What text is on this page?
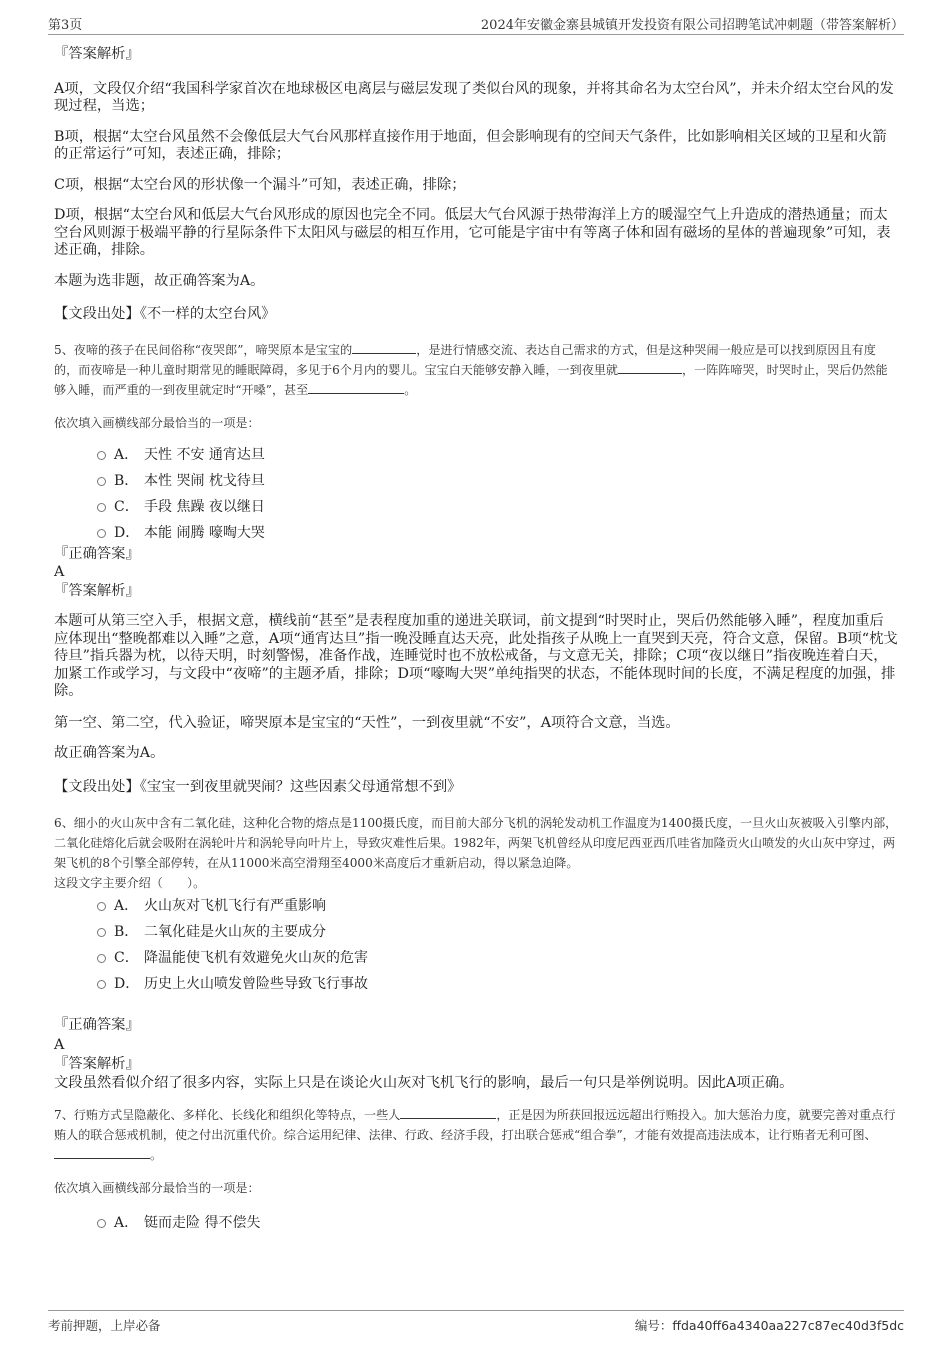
第3页	2024年安徽金寨县城镇开发投资有限公司招聘笔试冲刺题（带答案解析）

『答案解析』

A项，文段仅介绍“我国科学家首次在地球极区电离层与磁层发现了类似台风的现象，并将其命名为太空台风”，并未介绍太空台风的发现过程，当选；

B项，根据“太空台风虽然不会像低层大气台风那样直接作用于地面，但会影响现有的空间天气条件，比如影响相关区域的卫星和火箭的正常运行”可知，表述正确，排除；

C项，根据“太空台风的形状像一个漏斗”可知，表述正确，排除；

D项，根据“太空台风和低层大气台风形成的原因也完全不同。低层大气台风源于热带海洋上方的暖湿空气上升造成的潜热通量；而太空台风则源于极端平静的行星际条件下太阳风与磁层的相互作用，它可能是宇宙中有等离子体和固有磁场的星体的普遍现象”可知，表述正确，排除。

本题为选非题，故正确答案为A。

【文段出处】《不一样的太空台风》

5、夜啼的孩子在民间俗称“夜哭郎”，啼哭原本是宝宝的	，是进行情感交流、表达自己需求的方式，但是这种哭闹一般应是可以找到原因且有度的，而夜啼是一种儿童时期常见的睡眠障碍，多见于6个月内的婴儿。宝宝白天能够安静入睡，一到夜里就	，一阵阵啼哭，时哭时止，哭后仍然能够入睡，而严重的一到夜里就定时“开嗓”，甚至	。

依次填入画横线部分最恰当的一项是：

A． 天性 不安 通宵达旦
B． 本性 哭闹 枕戈待旦
C． 手段 焦躁 夜以继日
D． 本能 闹腾 嚎啕大哭

『正确答案』

A

『答案解析』

本题可从第三空入手，根据文意，横线前“甚至”是表程度加重的递进关联词，前文提到“时哭时止，哭后仍然能够入睡”，程度加重后应体现出“整晚都难以入睡”之意，A项“通宵达旦”指一晚没睡直达天亮，此处指孩子从晚上一直哭到天亮，符合文意，保留。B项“枕戈待旦”指兵器为枕，以待天明，时刻警惕，准备作战，连睡觉时也不放松戒备，与文意无关，排除；C项“夜以继日”指夜晚连着白天，加紧工作或学习，与文段中“夜啼”的主题矛盾，排除；D项“嚎啕大哭”单纯指哭的状态，不能体现时间的长度，不满足程度的加强，排除。

第一空、第二空，代入验证，啼哭原本是宝宝的“天性”，一到夜里就“不安”，A项符合文意，当选。

故正确答案为A。

【文段出处】《宝宝一到夜里就哭闹？这些因素父母通常想不到》

6、细小的火山灰中含有二氧化硅，这种化合物的熔点是1100摄氏度，而目前大部分飞机的涡轮发动机工作温度为1400摄氏度，一旦火山灰被吸入引擎内部，二氧化硅熔化后就会吸附在涡轮叶片和涡轮导向叶片上，导致灾难性后果。1982年，两架飞机曾经从印度尼西亚西爪哇省加隆贡火山喷发的火山灰中穿过，两架飞机的8个引擎全部停转，在从11000米高空滑翔至4000米高度后才重新启动，得以紧急迫降。

这段文字主要介绍（　　）。

A． 火山灰对飞机飞行有严重影响
B． 二氧化硅是火山灰的主要成分
C． 降温能使飞机有效避免火山灰的危害
D． 历史上火山喷发曾险些导致飞行事故

『正确答案』

A

『答案解析』

文段虽然看似介绍了很多内容，实际上只是在谈论火山灰对飞机飞行的影响，最后一句只是举例说明。因此A项正确。

7、行贿方式呈隐蔽化、多样化、长线化和组织化等特点，一些人	，正是因为所获回报远远超出行贿投入。加大惩治力度，就要完善对重点行贿人的联合惩戒机制，使之付出沉重代价。综合运用纪律、法律、行政、经济手段，打出联合惩戒“组合拳”，才能有效提高违法成本，让行贿者无利可图、。

依次填入画横线部分最恰当的一项是：

A． 铤而走险 得不偿失
考前押题，上岸必备	编号：ffda40ff6a4340aa227c87ec40d3f5dc
